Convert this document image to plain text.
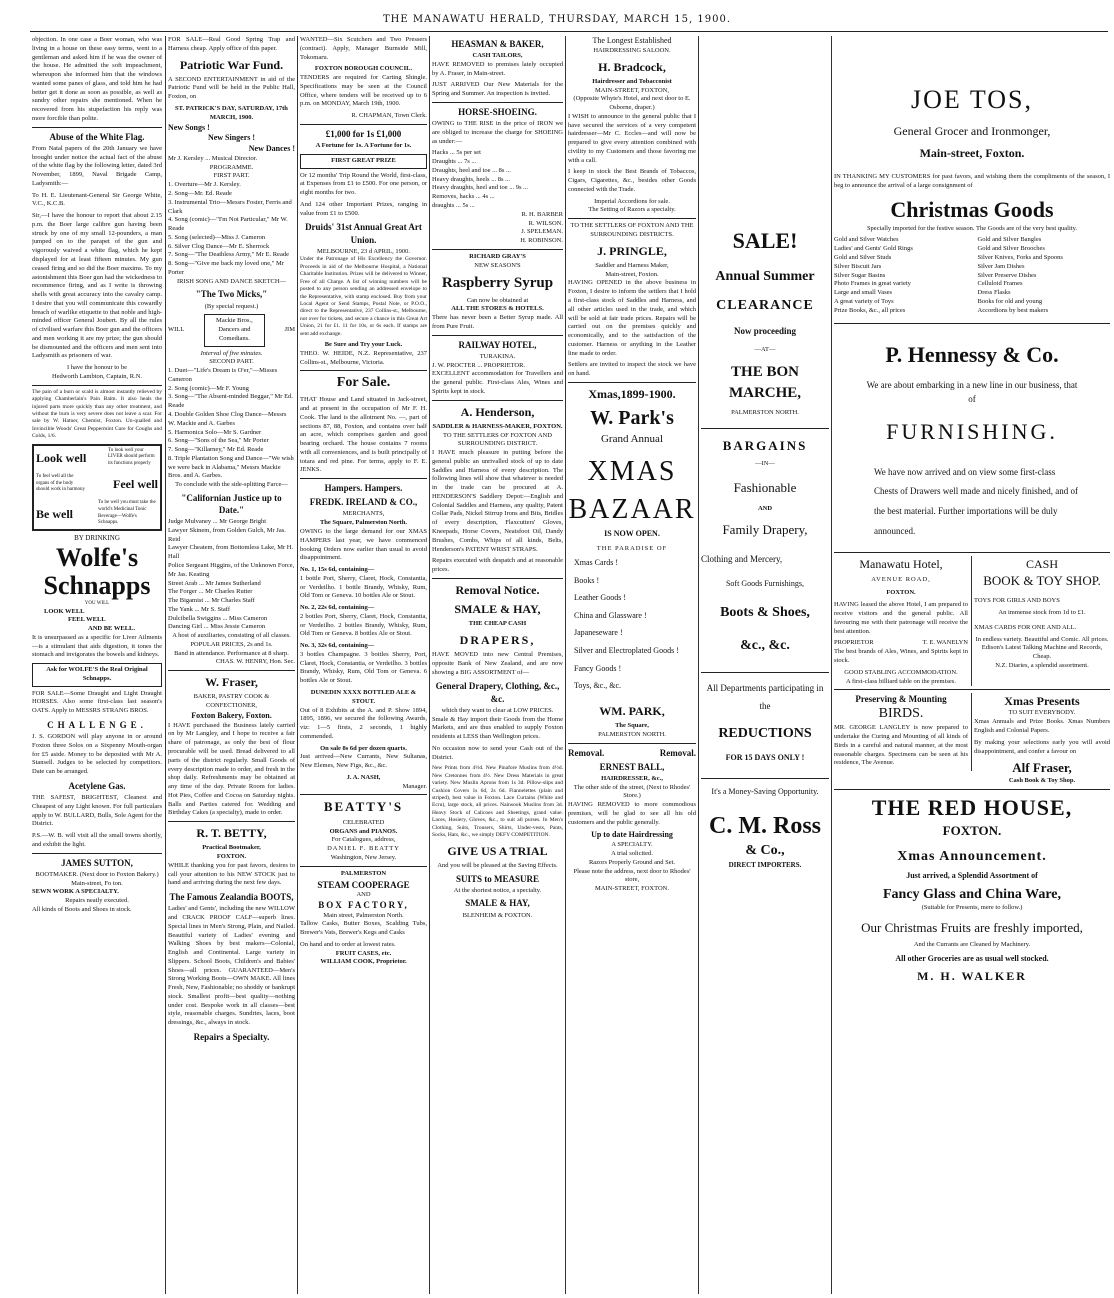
THE MANAWATU HERALD, THURSDAY, MARCH 15, 1900.

objection. In one case a Boer woman, who was living in a house on these easy terms, went to a gentleman and asked him if he was the owner of the house. He admitted the soft impeachment, whereupon she informed him that the windows wanted some panes of glass, and told him he had better get it done as soon as possible, as well as sundry other repairs she mentioned. When he recovered from his stupefaction his reply was more forcible than polite.

Abuse of the White Flag.

From Natal papers of the 20th January we have brought under notice the actual fact of the abuse of the white flag by the following letter, dated 3rd November, 1899, Naval Brigade Camp, Ladysmith:—

To H. E. Lieutenant-General Sir George White, V.C., K.C.B.

Sir,—I have the honour to report that about 2.15 p.m. the Boer large calibre gun having been struck by one of my small 12-pounders, a man jumped on to the parapet of the gun and vigorously waived a white flag, which he kept displayed for at least fifteen minutes. My gun ceased firing and so did the Boer maxims. To my astonishment this Boer gun had the wickedness to recommence firing, and as I write is throwing shells with great accuracy into the cavalry camp. I desire that you will communicate this cowardly breach of warlike etiquette to that noble and high-minded officer General Joubert. By all the rules of civilised warfare this Boer gun and the officers and men working it are my prize; the gun should be dismounted and the officers and men sent into Ladysmith as prisoners of war.

I have the honour to be
Hedworth Lambton, Captain, R.N.

The pain of a burn or scald is almost instantly relieved by applying Chamberlain's Pain Balm. It also heals the injured parts more quickly than any other treatment, and without the burn is very severe does not leave a scar. For sale by W. Hatner, Chemist, Foxton. Un-qualled and Invincible Woods' Great Peppermint Cure for Coughs and Colds, 1/6.

Look well
To look well your LIVER should perform its functions properly
To feel well all the organs of the body should work in harmony Feel well
Be well
To be well you must take the world's Medicinal Tonic Beverage—Wolfe's Schnapps.
BY DRINKING
Wolfe's
Schnapps
YOU WILL
LOOK WELL
FEEL WELL
AND BE WELL.

It is unsurpassed as a specific for Liver Ailments—is a stimulant that aids digestion, it tones the stomach and invigorates the bowels and kidneys.

Ask for WOLFE'S the Real Original Schnapps.

FOR SALE—Some Draught and Light Draught HORSES. Also some first-class last season's OATS. Apply to MESSRS STRANG BROS.

CHALLENGE.

J. S. GORDON will play anyone in or around Foxton three Solos on a Sixpenny Mouth-organ for £5 aside. Money to be deposited with Mr A. Stansell. Judges to be selected by competitors. Date can be arranged.

Acetylene Gas.

THE SAFEST, BRIGHTEST, Cleanest and Cheapest of any Light known. For full particulars apply to W. BULLARD, Bulls, Sole Agent for the District.

P.S.—W. B. will visit all the small towns shortly, and exhibit the light.

JAMES SUTTON,
BOOTMAKER. (Next door to Foxton Bakery.) Main-street, Fo ton.
SEWN WORK A SPECIALTY.
Repairs neatly executed.
All kinds of Boots and Shoes in stock.

FOR SALE—Real Good Spring Trap and Harness cheap. Apply office of this paper.

Patriotic War Fund.

A SECOND ENTERTAINMENT in aid of the Patriotic Fund will be held in the Public Hall, Foxton, on

ST. PATRICK'S DAY, SATURDAY, 17th MARCH, 1900.
New Songs !
New Singers !
New Dances !
Mr J. Kersley ... Musical Director.
PROGRAMME.
FIRST PART.
1. Overture—Mr J. Kersley.
2. Song—Mr. Ed. Reade
3. Instrumental Trio—Messrs Foster, Ferris and Clark
4. Song (comic)—"I'm Not Particular," Mr W. Reade
5. Song (selected)—Miss J. Cameron
6. Silver Clog Dance—Mr E. Sherrock
7. Song—"The Deathless Army," Mr E. Reade
8. Song—"Give me back my loved one," Mr Porter
IRISH SONG AND DANCE SKETCH—
"The Two Micks,"
(By special request.)
WILL
Mackie Bros., Dancers and Comedians.
JIM
Interval of five minutes.
SECOND PART.
1. Duet—"Life's Dream is O'er,"—Misses Cameron
2. Song (comic)—Mr F. Young
3. Song—"The Absent-minded Beggar," Mr Ed. Reade
4. Double Golden Shoe Clog Dance—Messrs W. Mackie and A. Garbes
5. Harmonica Solo—Mr S. Gardner
6. Song—"Sons of the Sea," Mr Porter
7. Song—"Killarney," Mr Ed. Reade
8. Triple Plantation Song and Dance—"We wish we were back in Alabama," Messrs Mackie Bros. and A. Garbes.
To conclude with the side-splitting Farce—
"Californian Justice up to Date."
Judge Mulvaney ... Mr George Bright
Lawyer Skinem, from Golden Gulch, Mr Jas. Reid
Lawyer Cheatem, from Bottomless Lake, Mr H. Hall
Police Sergeant Higgins, of the Unknown Force, Mr Jas. Keating
Street Arab ... Mr James Sutherland
The Forger ... Mr Charles Rutter
The Bigamist ... Mr Charles Staff
The Yank ... Mr S. Staff
Dulcibella Swiggins ... Miss Cameron
Dancing Girl ... Miss Jessie Cameron
A host of auxiliaries, consisting of all classes.
POPULAR PRICES, 2s and 1s.
Band in attendance. Performance at 8 sharp.
CHAS. W. HENRY, Hon. Sec.
W. Fraser,
BAKER, PASTRY COOK & CONFECTIONER,
Foxton Bakery, Foxton.

I HAVE purchased the Business lately carried on by Mr Langley, and I hope to receive a fair share of patronage, as only the best of flour procurable will be used. Bread delivered to all parts of the district regularly. Small Goods of every description made to order, and fresh in the shop daily. Refreshments may be obtained at any time of the day. Private Room for ladies. Hot Pies, Coffee and Cocoa on Saturday nights. Balls and Parties catered for. Wedding and Birthday Cakes (a specialty), made to order.

R. T. BETTY,
Practical Bootmaker,
FOXTON.

WHILE thanking you for past favors, desires to call your attention to his NEW STOCK just to hand and arriving during the next few days.

The Famous Zealandia BOOTS,

Ladies' and Gents', including the new WILLOW and CRACK PROOF CALF—superb lines. Special lines in Men's Strong, Plain, and Nailed. Beautiful variety of Ladies' evening and Walking Shoes by best makers—Colonial, English and Continental. Large variety in Slippers. School Boots, Children's and Babies' Shoes—all prices. GUARANTEED—Men's Strong Working Boots—OWN MAKE. All lines Fresh, New, Fashionable; no shoddy or bankrupt stock. Smallest profit—best quality—nothing under cost. Bespoke work in all classes—best style, reasonable charges. Sundries, laces, boot dressings, &c., always in stock.

Repairs a Specialty.

WANTED—Six Scutchers and Two Pressers (contract). Apply, Manager Burnside Mill, Tokomaru.

FOXTON BOROUGH COUNCIL.

TENDERS are required for Carting Shingle. Specifications may be seen at the Council Office, where tenders will be received up to 6 p.m. on MONDAY, March 19th, 1900.

R. CHAPMAN, Town Clerk.
£1,000 for 1s £1,000
A Fortune for 1s. A Fortune for 1s.
FIRST GREAT PRIZE

Or 12 months' Trip Round the World, first-class, at Expenses from £1 to £500. For one person, or eight months for two.

And 124 other Important Prizes, ranging in value from £1 to £500.

Druids' 31st Annual Great Art Union.
MELBOURNE, 23 d APRIL, 1900.

Under the Patronage of His Excellency the Governor. Proceeds in aid of the Melbourne Hospital, a National Charitable Institution. Prizes will be delivered to Winner, Free of all Charge. A list of winning numbers will be posted to any person sending an addressed envelope to the Representative, with stamp enclosed. Buy from your Local Agent or Send Stamps, Postal Note, or P.O.O., direct to the Representative, 237 Collins-st., Melbourne, not over for tickets, and secure a chance in this Great Art Union, 21 for £1. 11 for 10s, or 6s each. If stamps are sent add exchange.

Be Sure and Try your Luck.

THEO. W. HEIDE, N.Z. Representative, 237 Collins-st., Melbourne, Victoria.

For Sale.

THAT House and Land situated in Jack-street, and at present in the occupation of Mr F. H. Cook. The land is the allotment No. —, part of sections 87, 88, Foxton, and contains over half an acre, which comprises garden and good bearing orchard. The house contains 7 rooms with all conveniences, and is built principally of totara and red pine. For terms, apply to F. E. JENKS.

Hampers. Hampers.
FREDK. IRELAND & CO.,
MERCHANTS,
The Square, Palmerston North.

OWING to the large demand for our XMAS HAMPERS last year, we have commenced booking Orders now earlier than usual to avoid disappointment.

No. 1, 15s 6d, containing—

1 bottle Port, Sherry, Claret, Hock, Constantia, or Verdeilho. 1 bottle Brandy, Whisky, Rum, Old Tom or Geneva. 10 bottles Ale or Stout.

No. 2, 22s 6d, containing—

2 bottles Port, Sherry, Claret, Hock, Constantia, or Verdeilho. 2 bottles Brandy, Whisky, Rum, Old Tom or Geneva. 8 bottles Ale or Stout.

No. 3, 32s 6d, containing—

3 bottles Champagne. 3 bottles Sherry, Port, Claret, Hock, Constantia, or Verdeilho. 3 bottles Brandy, Whisky, Rum, Old Tom or Geneva. 6 bottles Ale or Stout.

DUNEDIN XXXX BOTTLED ALE & STOUT.

Out of 8 Exhibits at the A. and P. Show 1894, 1895, 1896, we secured the following Awards, viz: 1—5 firsts, 2 seconds, 1 highly commended.

On sale 8s 6d per dozen quarts.

Just arrived—New Currants, New Sultanas, New Elemes, New Figs, &c., &c.

J. A. NASH,
Manager.
BEATTY'S
CELEBRATED
ORGANS and PIANOS.
For Catalogues, address,
DANIEL F. BEATTY
Washington, New Jersey.
PALMERSTON
STEAM COOPERAGE
AND
BOX FACTORY,
Main street, Palmerston North.

Tallow Casks, Butter Boxes, Scalding Tubs, Brewer's Vats, Brewer's Kegs and Casks

On hand and to order at lowest rates.
FRUIT CASES, etc.
WILLIAM COOK, Proprietor.
HEASMAN & BAKER,
CASH TAILORS,

HAVE REMOVED to premises lately occupied by A. Fraser, in Main-street.

JUST ARRIVED Our New Materials for the Spring and Summer. An inspection is invited.

HORSE-SHOEING.

OWING to THE RISE in the price of IRON we are obliged to increase the charge for SHOEING as under:—

Hacks ... 5s per set
Draughts ... 7s ...
Draughts, heel and toe ... 8s ...
Heavy draughts, heels ... 8s ...
Heavy draughts, heel and toe ... 9s ...
Removes, hacks ... 4s ...
draughts ... 5s ...
R. H. BARBER
R. WILSON.
J. SPELEMAN.
H. ROBINSON.
RICHARD GRAY'S
NEW SEASON'S
Raspberry Syrup
Can now be obtained at
ALL THE STORES & HOTELS.

There has never been a Better Syrup made. All from Pure Fruit.

RAILWAY HOTEL,
TURAKINA.
J. W. PROCTER ... PROPRIETOR.

EXCELLENT accommodation for Travellers and the general public. First-class Ales, Wines and Spirits kept in stock.

A. Henderson,
SADDLER & HARNESS-MAKER, FOXTON.
TO THE SETTLERS OF FOXTON AND SURROUNDING DISTRICT.

I HAVE much pleasure in putting before the general public an unrivalled stock of up to date Saddles and Harness of every description. The following lines will show that whatever is needed in the trade can be procured at A. HENDERSON'S Saddlery Depot:—English and Colonial Saddles and Harness, any quality, Patent Collar Pads, Nickel Stirrup Irons and Bits, Bridles of every description, Flaxcutters' Gloves, Kneepads, Horse Covers, Neatsfoot Oil, Dandy Brushes, Combs, Whips of all kinds, Belts, Henderson's PATENT WRIST STRAPS.

Repairs executed with despatch and at reasonable prices.

Removal Notice.
SMALE & HAY,
THE CHEAP CASH
DRAPERS,

HAVE MOVED into new Central Premises, opposite Bank of New Zealand, and are now showing a BIG ASSORTMENT of—

General Drapery, Clothing, &c., &c.
which they want to clear at LOW PRICES.

Smale & Hay import their Goods from the Home Markets, and are thus enabled to supply Foxton residents at LESS than Wellington prices.

No occasion now to send your Cash out of the District.

New Prints from 4½d. New Pinafore Muslins from 4½d. New Cretonnes from 4½. New Dress Materials in great variety. New Muslin Aprons from 1s 3d. Pillow-slips and Cushion Covers 1s 6d, 2s 6d. Flannelettes (plain and striped), best value in Foxton. Lace Curtains (White and Ecru), large stock, all prices. Nainsook Muslins from 3d. Heavy Stock of Calicoes and Sheetings, grand value. Laces, Hosiery, Gloves, &c., to suit all purses. In Men's Clothing, Suits, Trousers, Shirts, Under-vests, Pants, Socks, Hats, &c., we simply DEFY COMPETITION.

GIVE US A TRIAL
And you will be pleased at the Saving Effects.
SUITS to MEASURE
At the shortest notice, a specialty.
SMALE & HAY,
BLENHEIM & FOXTON.
The Longest Established
HAIRDRESSING SALOON.
H. Bradcock,
Hairdresser and Tobacconist
MAIN-STREET, FOXTON,
(Opposite Whyte's Hotel, and next door to E. Osborne, draper.)

I WISH to announce to the general public that I have secured the services of a very competent hairdresser—Mr C. Eccles—and will now be prepared to give every attention combined with civility to my Customers and those favoring me with a call.

I keep in stock the Best Brands of Tobaccos, Cigars, Cigarettes, &c., besides other Goods connected with the Trade.

Imperial Accordions for sale.
The Setting of Razors a specialty.
TO THE SETTLERS OF FOXTON AND THE SURROUNDING DISTRICTS.
J. PRINGLE,
Saddler and Harness Maker,
Main-street, Foxton.

HAVING OPENED in the above business in Foxton, I desire to inform the settlers that I hold a first-class stock of Saddles and Harness, and all other articles used in the trade, and which will be sold at fair trade prices. Repairs will be carried out on the premises quickly and economically, and to the satisfaction of the customer. Harness or anything in the Leather line made to order.

Settlers are invited to inspect the stock we have on hand.

Xmas,1899-1900.
W. Park's
Grand Annual
XMAS
BAZAAR
IS NOW OPEN.
THE PARADISE OF
Xmas Cards !
Books !
Leather Goods !
China and Glassware !
Japaneseware !
Silver and Electroplated Goods !
Fancy Goods !
Toys, &c., &c.
WM. PARK,
The Square,
PALMERSTON NORTH.
Removal.	Removal.
ERNEST BALL,
HAIRDRESSER, &c.,
The other side of the street, (Next to Rhodes' Store.)

HAVING REMOVED to more commodious premises, will be glad to see all his old customers and the public generally.

Up to date Hairdressing
A SPECIALTY.
A trial solicited.
Razors Properly Ground and Set.
Please note the address, next door to Rhodes' store,
MAIN-STREET, FOXTON.
SALE!
Annual Summer
CLEARANCE
Now proceeding
—AT—
THE BON MARCHE,
PALMERSTON NORTH.
BARGAINS
—IN—
Fashionable
AND
Family Drapery,
Clothing and Mercery,
Soft Goods Furnishings,
Boots & Shoes,
&c., &c.
All Departments participating in the
REDUCTIONS
FOR 15 DAYS ONLY !
It's a Money-Saving Opportunity.
C. M. Ross
& Co.,
DIRECT IMPORTERS.
JOE TOS,
General Grocer and Ironmonger,
Main-street, Foxton.

IN THANKING MY CUSTOMERS for past favors, and wishing them the compliments of the season, I beg to announce the arrival of a large consignment of

Christmas Goods
Specially imported for the festive season. The Goods are of the very best quality.
Gold and Silver Watches
Ladies' and Gents' Gold Rings
Gold and Silver Studs
Silver Biscuit Jars
Silver Sugar Basins
Photo Frames in great variety
Large and small Vases
A great variety of Toys
Prize Books, &c., all prices
Gold and Silver Bangles
Gold and Silver Brooches
Silver Knives, Forks and Spoons
Silver Jam Dishes
Silver Preserve Dishes
Celluloid Frames
Dress Flasks
Books for old and young
Accordions by best makers
P. Hennessy & Co.
We are about embarking in a new line in our business, that of
FURNISHING.

We have now arrived and on view some first-class Chests of Drawers well made and nicely finished, and of the best material. Further importations will be duly announced.

Manawatu Hotel,
AVENUE ROAD,
FOXTON.

HAVING leased the above Hotel, I am prepared to receive visitors and the general public. All favouring me with their patronage will receive the best attention.

PROPRIETOR	T. E. WANELYN

The best brands of Ales, Wines, and Spirits kept in stock.

GOOD STABLING ACCOMMODATION.
A first-class billiard table on the premises.
CASH
BOOK & TOY SHOP.

TOYS FOR GIRLS AND BOYS

An immense stock from 1d to £1.

XMAS CARDS FOR ONE AND ALL.

In endless variety. Beautiful and Comic. All prices.
Edison's Latest Talking Machine and Records, Cheap.
N.Z. Diaries, a splendid assortment.
Preserving & Mounting
BIRDS.

MR. GEORGE LANGLEY is now prepared to undertake the Curing and Mounting of all kinds of Birds in a careful and natural manner, at the most reasonable charges. Specimens can be seen at his residence, The Avenue.

Xmas Presents
TO SUIT EVERYBODY.

Xmas Annuals and Prize Books. Xmas Numbers English and Colonial Papers.

By making your selections early you will avoid disappointment, and confer a favour on

Alf Fraser,
Cash Book & Toy Shop.
THE RED HOUSE,
FOXTON.
Xmas Announcement.
Just arrived, a Splendid Assortment of
Fancy Glass and China Ware,
(Suitable for Presents, mere to follow.)
Our Christmas Fruits are freshly imported,
And the Currants are Cleaned by Machinery.
All other Groceries are as usual well stocked.
M. H. WALKER
